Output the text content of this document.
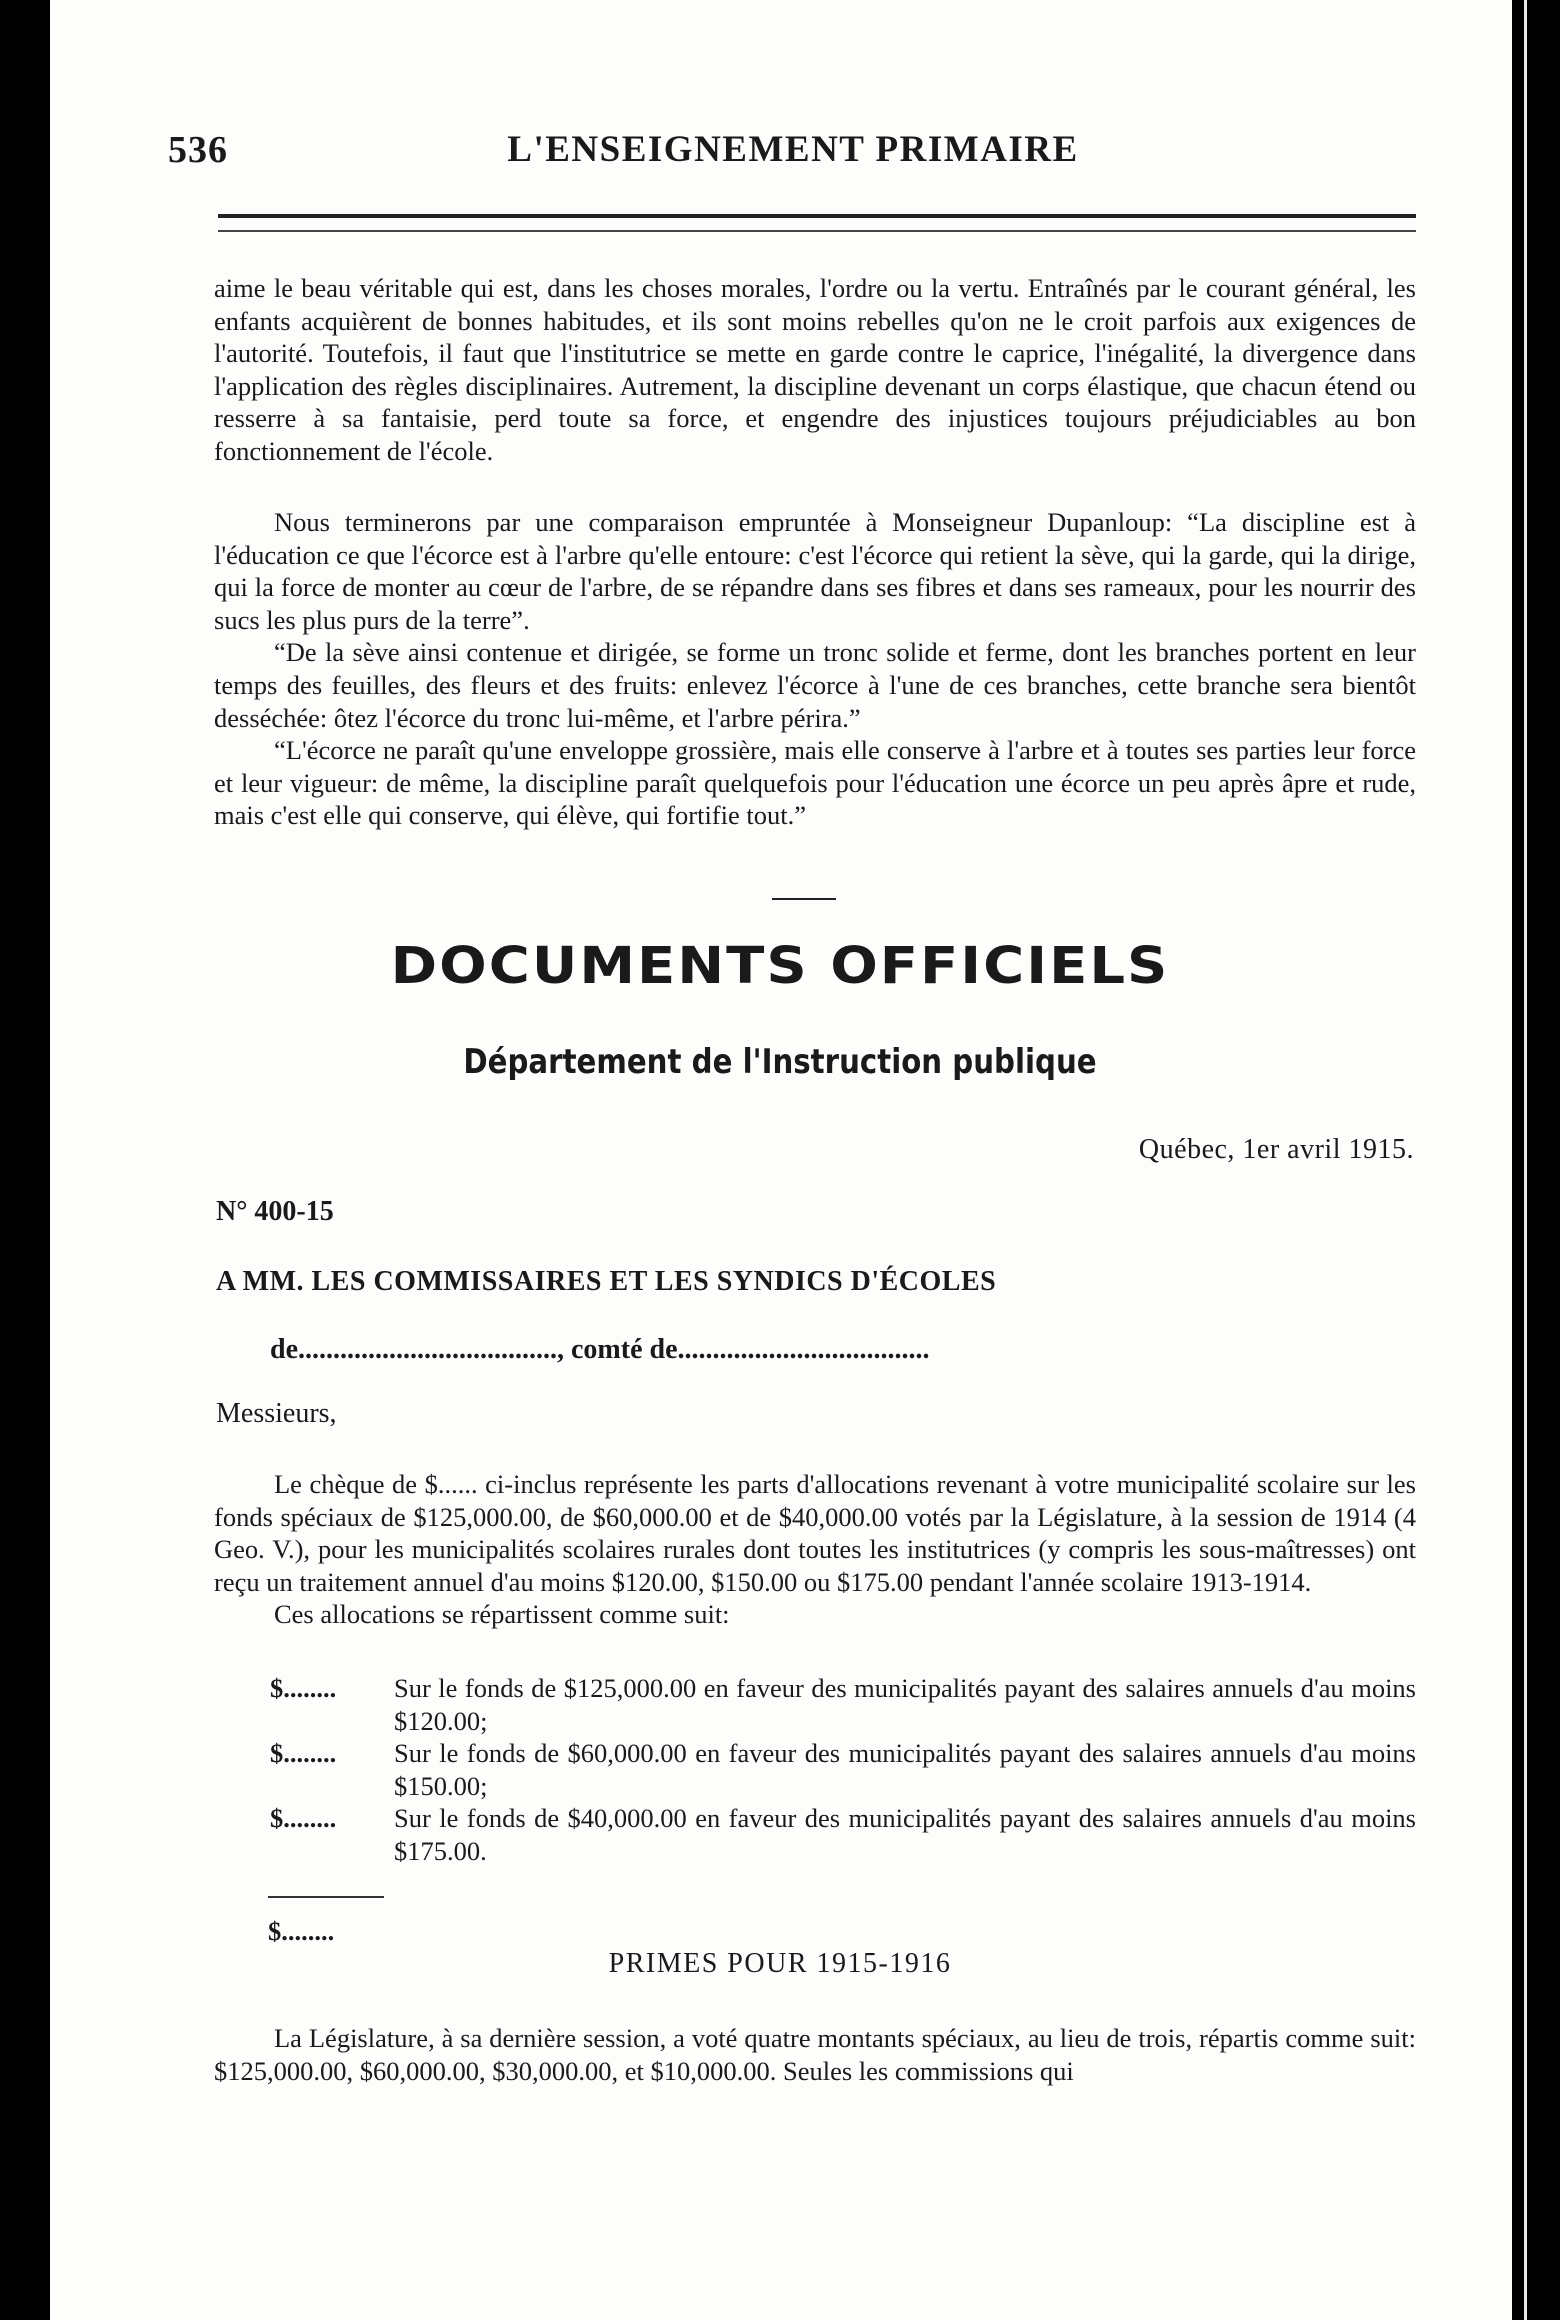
536	L'ENSEIGNEMENT PRIMAIRE

aime le beau véritable qui est, dans les choses morales, l'ordre ou la vertu. Entraînés par le courant général, les enfants acquièrent de bonnes habitudes, et ils sont moins rebelles qu'on ne le croit parfois aux exigences de l'autorité. Toutefois, il faut que l'institutrice se mette en garde contre le caprice, l'inégalité, la divergence dans l'application des règles disciplinaires. Autrement, la discipline devenant un corps élastique, que chacun étend ou resserre à sa fantaisie, perd toute sa force, et engendre des injustices toujours préjudiciables au bon fonctionnement de l'école.

Nous terminerons par une comparaison empruntée à Monseigneur Dupanloup: “La discipline est à l'éducation ce que l'écorce est à l'arbre qu'elle entoure: c'est l'écorce qui retient la sève, qui la garde, qui la dirige, qui la force de monter au cœur de l'arbre, de se répandre dans ses fibres et dans ses rameaux, pour les nourrir des sucs les plus purs de la terre”.

“De la sève ainsi contenue et dirigée, se forme un tronc solide et ferme, dont les branches portent en leur temps des feuilles, des fleurs et des fruits: enlevez l'écorce à l'une de ces branches, cette branche sera bientôt desséchée: ôtez l'écorce du tronc lui-même, et l'arbre périra.”

“L'écorce ne paraît qu'une enveloppe grossière, mais elle conserve à l'arbre et à toutes ses parties leur force et leur vigueur: de même, la discipline paraît quelquefois pour l'éducation une écorce un peu après âpre et rude, mais c'est elle qui conserve, qui élève, qui fortifie tout.”

DOCUMENTS OFFICIELS
Département de l'Instruction publique
Québec, 1er avril 1915.
N° 400-15
A MM. LES COMMISSAIRES ET LES SYNDICS D'ÉCOLES
de....................................., comté de....................................
Messieurs,

Le chèque de $...... ci-inclus représente les parts d'allocations revenant à votre municipalité scolaire sur les fonds spéciaux de $125,000.00, de $60,000.00 et de $40,000.00 votés par la Législature, à la session de 1914 (4 Geo. V.), pour les municipalités scolaires rurales dont toutes les institutrices (y compris les sous-maîtresses) ont reçu un traitement annuel d'au moins $120.00, $150.00 ou $175.00 pendant l'année scolaire 1913-1914.

Ces allocations se répartissent comme suit:

$........	Sur le fonds de $125,000.00 en faveur des municipalités payant des salaires annuels d'au moins $120.00;
$........	Sur le fonds de $60,000.00 en faveur des municipalités payant des salaires annuels d'au moins $150.00;
$........	Sur le fonds de $40,000.00 en faveur des municipalités payant des salaires annuels d'au moins $175.00.
$........
PRIMES POUR 1915-1916

La Législature, à sa dernière session, a voté quatre montants spéciaux, au lieu de trois, répartis comme suit: $125,000.00, $60,000.00, $30,000.00, et $10,000.00. Seules les commissions qui
